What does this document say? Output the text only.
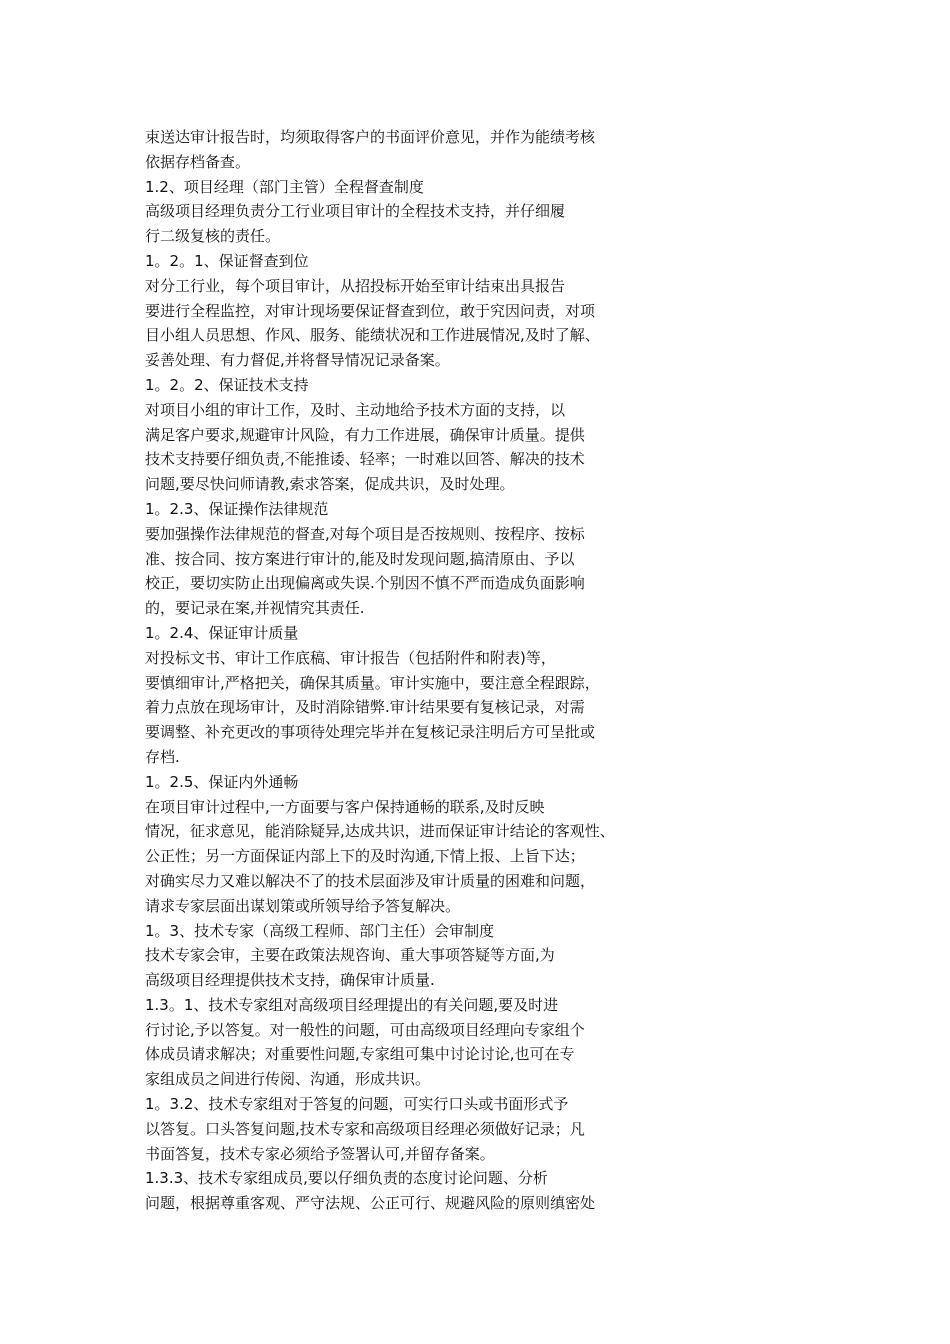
束送达审计报告时，均须取得客户的书面评价意见，并作为能绩考核
依据存档备查。
1.2、项目经理（部门主管）全程督查制度
高级项目经理负责分工行业项目审计的全程技术支持，并仔细履
行二级复核的责任。
1。2。1、保证督查到位
对分工行业，每个项目审计，从招投标开始至审计结束出具报告
要进行全程监控，对审计现场要保证督查到位，敢于究因问责，对项
目小组人员思想、作风、服务、能绩状况和工作进展情况,及时了解、
妥善处理、有力督促,并将督导情况记录备案。
1。2。2、保证技术支持
对项目小组的审计工作，及时、主动地给予技术方面的支持，以
满足客户要求,规避审计风险，有力工作进展，确保审计质量。提供
技术支持要仔细负责,不能推诿、轻率；一时难以回答、解决的技术
问题,要尽快问师请教,索求答案，促成共识，及时处理。
1。2.3、保证操作法律规范
要加强操作法律规范的督查,对每个项目是否按规则、按程序、按标
准、按合同、按方案进行审计的,能及时发现问题,搞清原由、予以
校正，要切实防止出现偏离或失误.个别因不慎不严而造成负面影响
的，要记录在案,并视情究其责任.
1。2.4、保证审计质量
对投标文书、审计工作底稿、审计报告（包括附件和附表)等，
要慎细审计,严格把关，确保其质量。审计实施中，要注意全程跟踪，
着力点放在现场审计，及时消除错弊.审计结果要有复核记录，对需
要调整、补充更改的事项待处理完毕并在复核记录注明后方可呈批或
存档.
1。2.5、保证内外通畅
在项目审计过程中,一方面要与客户保持通畅的联系,及时反映
情况，征求意见，能消除疑异,达成共识，进而保证审计结论的客观性、
公正性；另一方面保证内部上下的及时沟通,下情上报、上旨下达；
对确实尽力又难以解决不了的技术层面涉及审计质量的困难和问题，
请求专家层面出谋划策或所领导给予答复解决。
1。3、技术专家（高级工程师、部门主任）会审制度
技术专家会审，主要在政策法规咨询、重大事项答疑等方面,为
高级项目经理提供技术支持，确保审计质量.
1.3。1、技术专家组对高级项目经理提出的有关问题,要及时进
行讨论,予以答复。对一般性的问题，可由高级项目经理向专家组个
体成员请求解决；对重要性问题,专家组可集中讨论讨论,也可在专
家组成员之间进行传阅、沟通，形成共识。
1。3.2、技术专家组对于答复的问题，可实行口头或书面形式予
以答复。口头答复问题,技术专家和高级项目经理必须做好记录；凡
书面答复，技术专家必须给予签署认可,并留存备案。
1.3.3、技术专家组成员,要以仔细负责的态度讨论问题、分析
问题，根据尊重客观、严守法规、公正可行、规避风险的原则缜密处
